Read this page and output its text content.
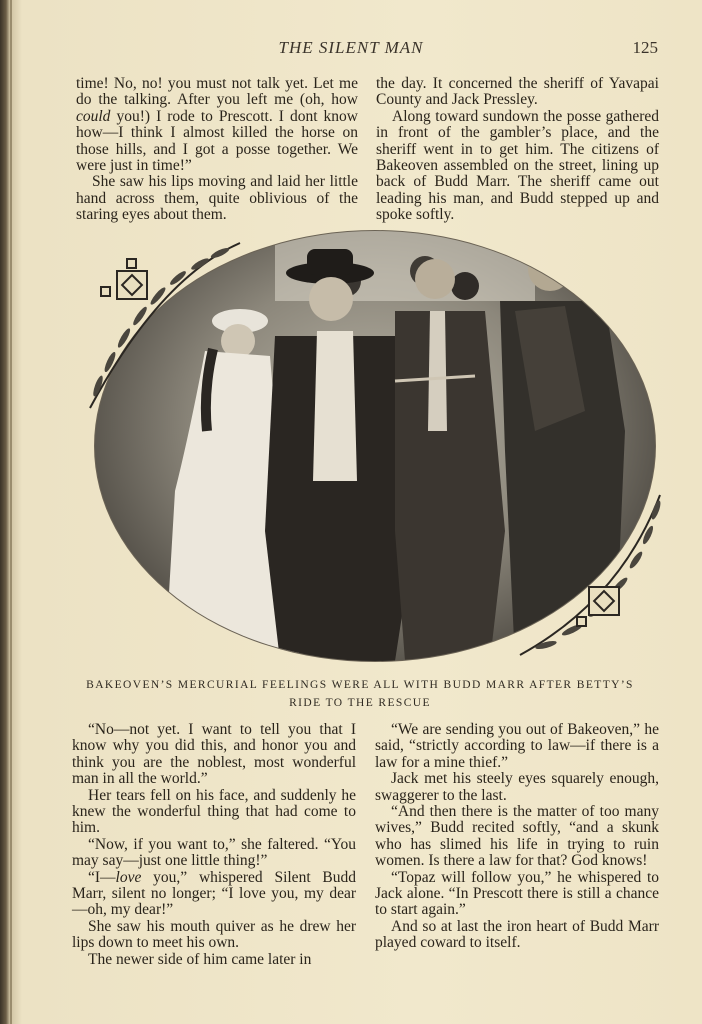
THE SILENT MAN	125

time! No, no! you must not talk yet. Let me do the talking. After you left me (oh, how could you!) I rode to Prescott. I dont know how—I think I almost killed the horse on those hills, and I got a posse together. We were just in time!”

She saw his lips moving and laid her little hand across them, quite oblivious of the staring eyes about them.

the day. It concerned the sheriff of Yavapai County and Jack Pressley.

Along toward sundown the posse gathered in front of the gambler’s place, and the sheriff went in to get him. The citizens of Bakeoven assembled on the street, lining up back of Budd Marr. The sheriff came out leading his man, and Budd stepped up and spoke softly.

BAKEOVEN’S MERCURIAL FEELINGS WERE ALL WITH BUDD MARR AFTER BETTY’S
RIDE TO THE RESCUE

“No—not yet. I want to tell you that I know why you did this, and honor you and think you are the noblest, most wonderful man in all the world.”

Her tears fell on his face, and suddenly he knew the wonderful thing that had come to him.

“Now, if you want to,” she faltered. “You may say—just one little thing!”

“I—love you,” whispered Silent Budd Marr, silent no longer; “I love you, my dear—oh, my dear!”

She saw his mouth quiver as he drew her lips down to meet his own.

The newer side of him came later in

“We are sending you out of Bakeoven,” he said, “strictly according to law—if there is a law for a mine thief.”

Jack met his steely eyes squarely enough, swaggerer to the last.

“And then there is the matter of too many wives,” Budd recited softly, “and a skunk who has slimed his life in trying to ruin women. Is there a law for that? God knows!

“Topaz will follow you,” he whispered to Jack alone. “In Prescott there is still a chance to start again.”

And so at last the iron heart of Budd Marr played coward to itself.
